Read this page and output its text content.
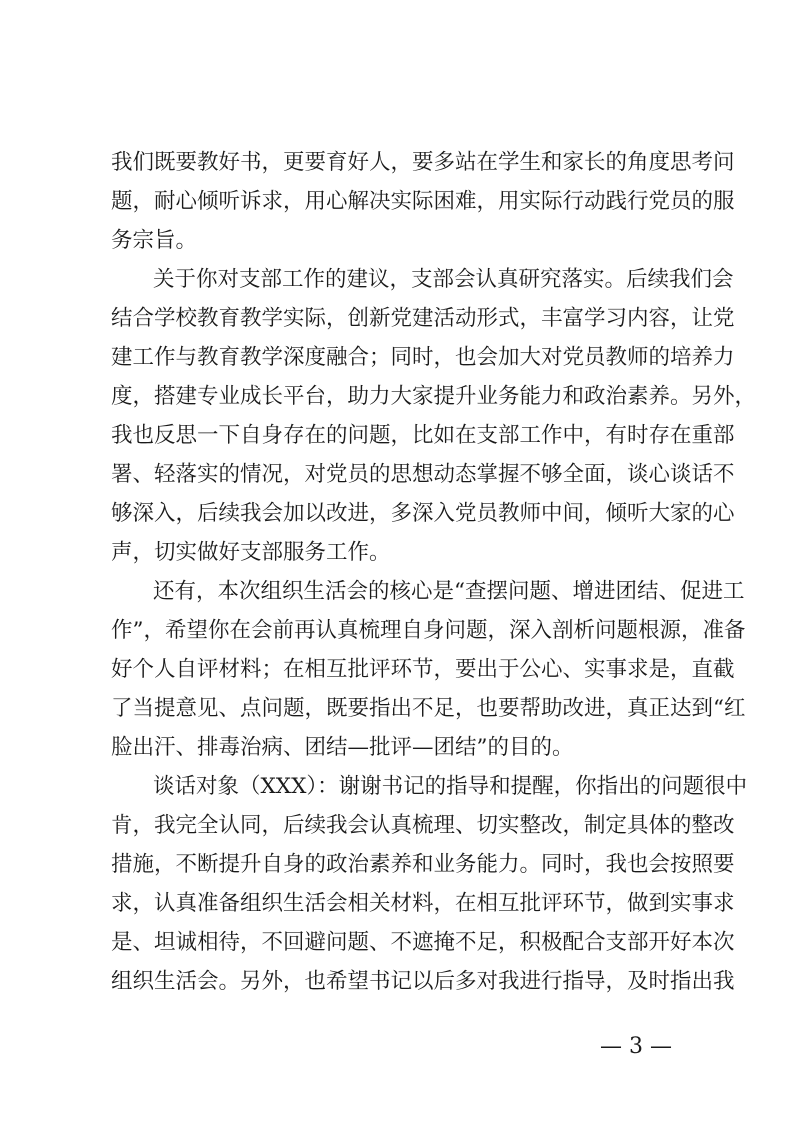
我们既要教好书，更要育好人，要多站在学生和家长的角度思考问
题，耐心倾听诉求，用心解决实际困难，用实际行动践行党员的服
务宗旨。
关于你对支部工作的建议，支部会认真研究落实。后续我们会
结合学校教育教学实际，创新党建活动形式，丰富学习内容，让党
建工作与教育教学深度融合；同时，也会加大对党员教师的培养力
度，搭建专业成长平台，助力大家提升业务能力和政治素养。另外，
我也反思一下自身存在的问题，比如在支部工作中，有时存在重部
署、轻落实的情况，对党员的思想动态掌握不够全面，谈心谈话不
够深入，后续我会加以改进，多深入党员教师中间，倾听大家的心
声，切实做好支部服务工作。
还有，本次组织生活会的核心是“查摆问题、增进团结、促进工
作”，希望你在会前再认真梳理自身问题，深入剖析问题根源，准备
好个人自评材料；在相互批评环节，要出于公心、实事求是，直截
了当提意见、点问题，既要指出不足，也要帮助改进，真正达到“红
脸出汗、排毒治病、团结—批评—团结”的目的。
谈话对象（XXX）：谢谢书记的指导和提醒，你指出的问题很中
肯，我完全认同，后续我会认真梳理、切实整改，制定具体的整改
措施，不断提升自身的政治素养和业务能力。同时，我也会按照要
求，认真准备组织生活会相关材料，在相互批评环节，做到实事求
是、坦诚相待，不回避问题、不遮掩不足，积极配合支部开好本次
组织生活会。另外，也希望书记以后多对我进行指导，及时指出我
— 3 —
